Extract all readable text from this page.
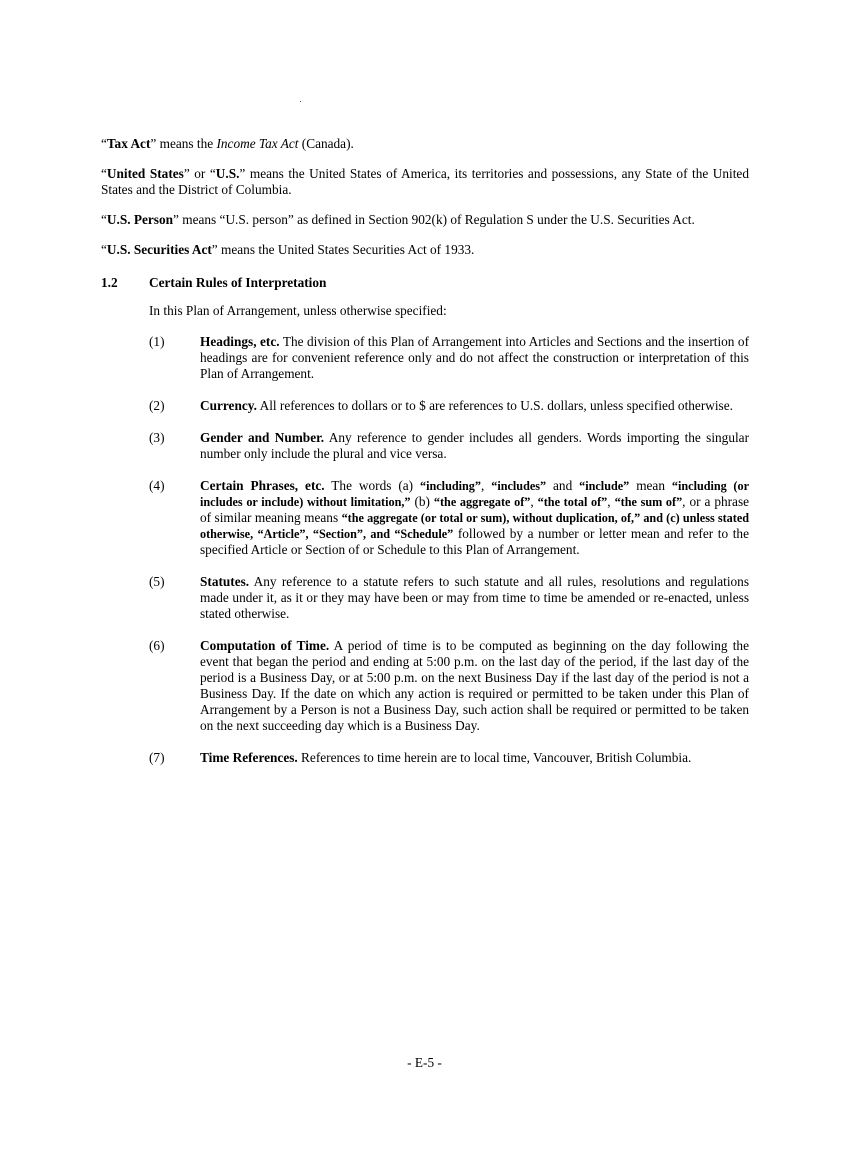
“Tax Act” means the Income Tax Act (Canada).

“United States” or “U.S.” means the United States of America, its territories and possessions, any State of the United States and the District of Columbia.

“U.S. Person” means “U.S. person” as defined in Section 902(k) of Regulation S under the U.S. Securities Act.

“U.S. Securities Act” means the United States Securities Act of 1933.

1.2	Certain Rules of Interpretation

In this Plan of Arrangement, unless otherwise specified:

(1)	Headings, etc. The division of this Plan of Arrangement into Articles and Sections and the insertion of headings are for convenient reference only and do not affect the construction or interpretation of this Plan of Arrangement.
(2)	Currency. All references to dollars or to $ are references to U.S. dollars, unless specified otherwise.
(3)	Gender and Number. Any reference to gender includes all genders. Words importing the singular number only include the plural and vice versa.
(4)	Certain Phrases, etc. The words (a) “including”, “includes” and “include” mean “including (or includes or include) without limitation,” (b) “the aggregate of”, “the total of”, “the sum of”, or a phrase of similar meaning means “the aggregate (or total or sum), without duplication, of,” and (c) unless stated otherwise, “Article”, “Section”, and “Schedule” followed by a number or letter mean and refer to the specified Article or Section of or Schedule to this Plan of Arrangement.
(5)	Statutes. Any reference to a statute refers to such statute and all rules, resolutions and regulations made under it, as it or they may have been or may from time to time be amended or re-enacted, unless stated otherwise.
(6)	Computation of Time. A period of time is to be computed as beginning on the day following the event that began the period and ending at 5:00 p.m. on the last day of the period, if the last day of the period is a Business Day, or at 5:00 p.m. on the next Business Day if the last day of the period is not a Business Day. If the date on which any action is required or permitted to be taken under this Plan of Arrangement by a Person is not a Business Day, such action shall be required or permitted to be taken on the next succeeding day which is a Business Day.
(7)	Time References. References to time herein are to local time, Vancouver, British Columbia.
- E-5 -
